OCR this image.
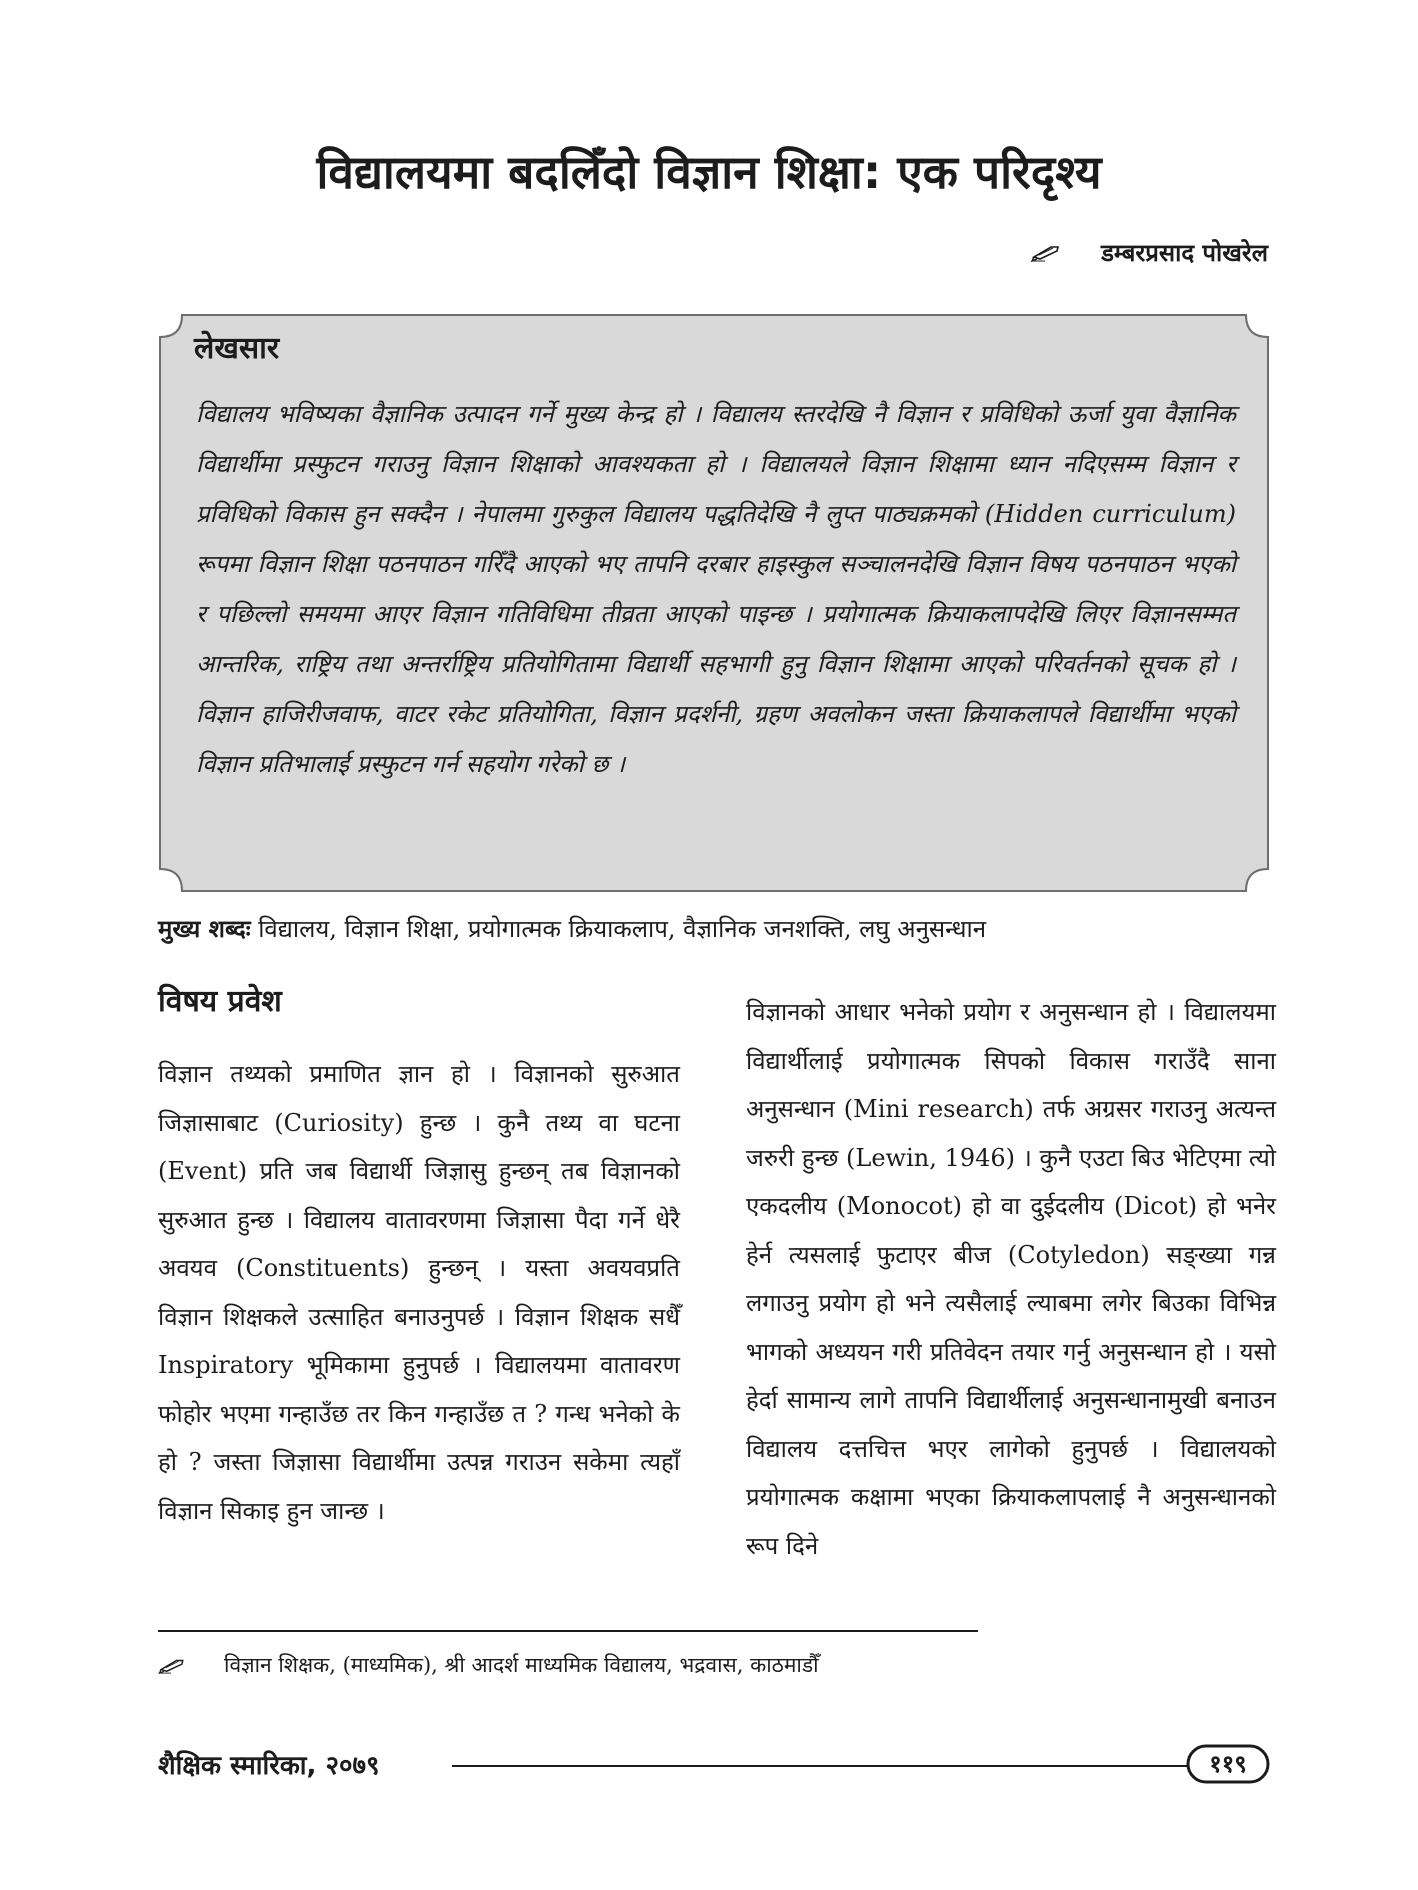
विद्यालयमा बदलिँदो विज्ञान शिक्षा: एक परिदृश्य
डम्बरप्रसाद पोखरेल
लेखसार
विद्यालय भविष्यका वैज्ञानिक उत्पादन गर्ने मुख्य केन्द्र हो । विद्यालय स्तरदेखि नै विज्ञान र प्रविधिको ऊर्जा युवा वैज्ञानिक विद्यार्थीमा प्रस्फुटन गराउनु विज्ञान शिक्षाको आवश्यकता हो । विद्यालयले विज्ञान शिक्षामा ध्यान नदिएसम्म विज्ञान र प्रविधिको विकास हुन सक्दैन । नेपालमा गुरुकुल विद्यालय पद्धतिदेखि नै लुप्त पाठ्यक्रमको (Hidden curriculum) रूपमा विज्ञान शिक्षा पठनपाठन गरिँदै आएको भए तापनि दरबार हाइस्कुल सञ्चालनदेखि विज्ञान विषय पठनपाठन भएको र पछिल्लो समयमा आएर विज्ञान गतिविधिमा तीव्रता आएको पाइन्छ । प्रयोगात्मक क्रियाकलापदेखि लिएर विज्ञानसम्मत आन्तरिक, राष्ट्रिय तथा अन्तर्राष्ट्रिय प्रतियोगितामा विद्यार्थी सहभागी हुनु विज्ञान शिक्षामा आएको परिवर्तनको सूचक हो । विज्ञान हाजिरीजवाफ, वाटर रकेट प्रतियोगिता, विज्ञान प्रदर्शनी, ग्रहण अवलोकन जस्ता क्रियाकलापले विद्यार्थीमा भएको विज्ञान प्रतिभालाई प्रस्फुटन गर्न सहयोग गरेको छ ।
मुख्य शब्दः विद्यालय, विज्ञान शिक्षा, प्रयोगात्मक क्रियाकलाप, वैज्ञानिक जनशक्ति, लघु अनुसन्धान
विषय प्रवेश

विज्ञान तथ्यको प्रमाणित ज्ञान हो । विज्ञानको सुरुआत जिज्ञासाबाट (Curiosity) हुन्छ । कुनै तथ्य वा घटना (Event) प्रति जब विद्यार्थी जिज्ञासु हुन्छन् तब विज्ञानको सुरुआत हुन्छ । विद्यालय वातावरणमा जिज्ञासा पैदा गर्ने धेरै अवयव (Constituents) हुन्छन् । यस्ता अवयवप्रति विज्ञान शिक्षकले उत्साहित बनाउनुपर्छ । विज्ञान शिक्षक सधैँ Inspiratory भूमिकामा हुनुपर्छ । विद्यालयमा वातावरण फोहोर भएमा गन्हाउँछ तर किन गन्हाउँछ त ? गन्ध भनेको के हो ? जस्ता जिज्ञासा विद्यार्थीमा उत्पन्न गराउन सकेमा त्यहाँ विज्ञान सिकाइ हुन जान्छ ।

विज्ञानको आधार भनेको प्रयोग र अनुसन्धान हो । विद्यालयमा विद्यार्थीलाई प्रयोगात्मक सिपको विकास गराउँदै साना अनुसन्धान (Mini research) तर्फ अग्रसर गराउनु अत्यन्त जरुरी हुन्छ (Lewin, 1946) । कुनै एउटा बिउ भेटिएमा त्यो एकदलीय (Monocot) हो वा दुईदलीय (Dicot) हो भनेर हेर्न त्यसलाई फुटाएर बीज (Cotyledon) सङ्ख्या गन्न लगाउनु प्रयोग हो भने त्यसैलाई ल्याबमा लगेर बिउका विभिन्न भागको अध्ययन गरी प्रतिवेदन तयार गर्नु अनुसन्धान हो । यसो हेर्दा सामान्य लागे तापनि विद्यार्थीलाई अनुसन्धानामुखी बनाउन विद्यालय दत्तचित्त भएर लागेको हुनुपर्छ । विद्यालयको प्रयोगात्मक कक्षामा भएका क्रियाकलापलाई नै अनुसन्धानको रूप दिने

विज्ञान शिक्षक, (माध्यमिक), श्री आदर्श माध्यमिक विद्यालय, भद्रवास, काठमाडौँ
शैक्षिक स्मारिका, २०७९	११९
